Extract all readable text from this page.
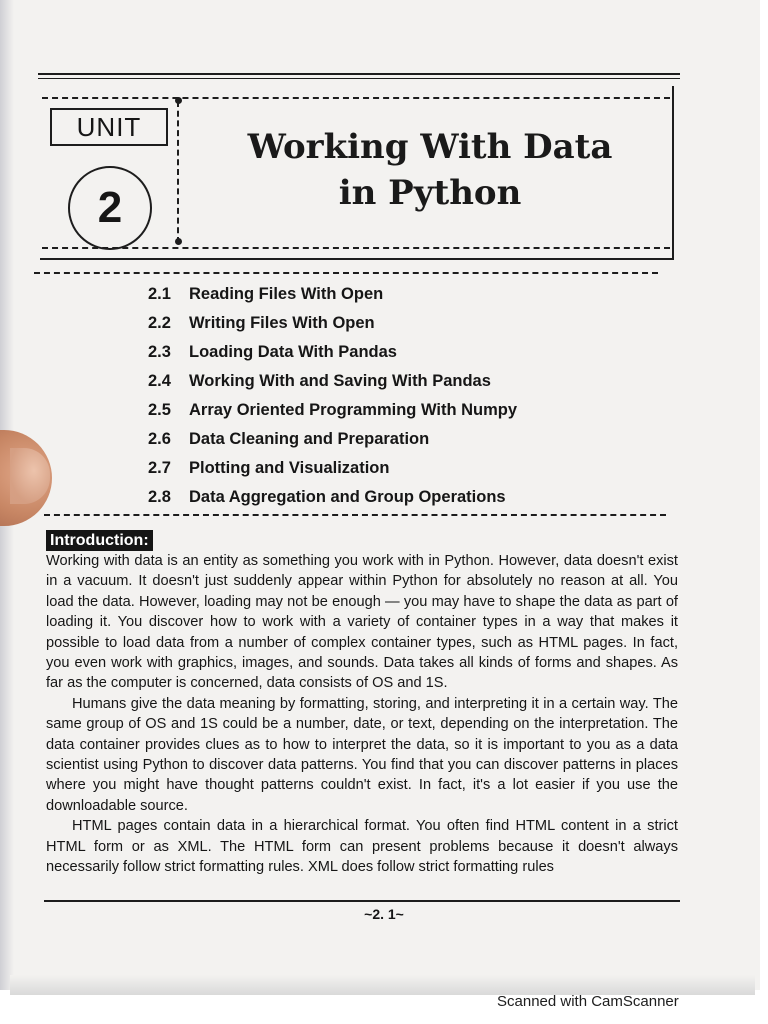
UNIT
2
Working With Data
in Python
2.1	Reading Files With Open
2.2	Writing Files With Open
2.3	Loading Data With Pandas
2.4	Working With and Saving With Pandas
2.5	Array Oriented Programming With Numpy
2.6	Data Cleaning and Preparation
2.7	Plotting and Visualization
2.8	Data Aggregation and Group Operations
Introduction:

Working with data is an entity as something you work with in Python. However, data doesn't exist in a vacuum. It doesn't just suddenly appear within Python for absolutely no reason at all. You load the data. However, loading may not be enough — you may have to shape the data as part of loading it. You discover how to work with a variety of container types in a way that makes it possible to load data from a number of complex container types, such as HTML pages. In fact, you even work with graphics, images, and sounds. Data takes all kinds of forms and shapes. As far as the computer is concerned, data consists of OS and 1S.

Humans give the data meaning by formatting, storing, and interpreting it in a certain way. The same group of OS and 1S could be a number, date, or text, depending on the interpretation. The data container provides clues as to how to interpret the data, so it is important to you as a data scientist using Python to discover data patterns. You find that you can discover patterns in places where you might have thought patterns couldn't exist. In fact, it's a lot easier if you use the downloadable source.

HTML pages contain data in a hierarchical format. You often find HTML content in a strict HTML form or as XML. The HTML form can present problems because it doesn't always necessarily follow strict formatting rules. XML does follow strict formatting rules

~2. 1~
Scanned with CamScanner
